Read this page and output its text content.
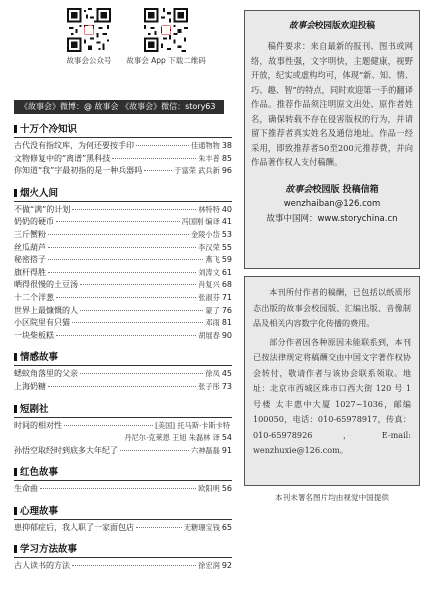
故事会公众号	故事会 App 下载二维码
《故事会》微博：@ 故事会 《故事会》微信：story63
十万个冷知识
古代没有指纹库，为何还要按手印	佳通物物 38
文物修复中的“离谱”黑科技	朱丰普 85
你知道“我”字最初指的是一种兵器吗	于富荣 武兵新 96
烟火人间
不做“满”的计划	林特特 40
奶奶的硬币	冯国刚 编译 41
三斤蟹粉	金陵小岱 53
丝瓜葫芦	李汉荣 55
秘密搭子	燕飞 59
旗杆得胜	刘涛文 61
晒得很慢的土豆汤	肖复兴 68
十二个洋葱	张淑芬 71
世界上最慷慨的人	蒙了 76
小区院里有只猫	邓雨 81
一块柴板糕	胡展春 90
情感故事
蟋蚊角落里的父亲	徐凤 45
上海奶糖	张子彤 73
短剧社
时间的相对性	[美国] 托马斯·卡斯卡特
丹尼尔·克莱恩 王旭 朱磊林 译 54
孙悟空取经时到底多大年纪了	六神磊磊 91
红色故事
生命曲	欧阳明 56
心理故事
患抑郁症后，我人职了一家面包店	无糖珊宝钱 65
学习方法故事
古人读书的方法	徐宏润 92
故事会校园版欢迎投稿
稿件要求：来自最新的报刊、图书或网络，故事性强，文字明快，主题健康，视野开放，纪实或虚构均可，体现“新、知、情、巧、趣、智”的特点，同时欢迎第一手的翻译作品。推荐作品须注明原文出处、原作者姓名，确保转载不存在侵害版权的行为，并请留下推荐者真实姓名及通信地址。作品一经采用，即致推荐者50至200元推荐费，并向作品著作权人支付稿酬。
故事会校园版 投稿信箱
wenzhaiban@126.com
故事中国网：www.storychina.cn

本刊所付作者的稿酬，已包括以纸质形态出版的故事会校园版、汇编出版、音像制品及相关内容数字化传播的费用。

部分作者因各种原因未能联系到，本刊已按法律规定将稿酬交由中国文字著作权协会转付，敬请作者与该协会联系领取。地址：北京市西城区珠市口西大街 120 号 1 号楼 太丰惠中大厦 1027~1036，邮编100050，电话：010-65978917，传真：010-65978926，E-mail: wenzhuxie@126.com。

本刊未署名图片均由视觉中国提供
